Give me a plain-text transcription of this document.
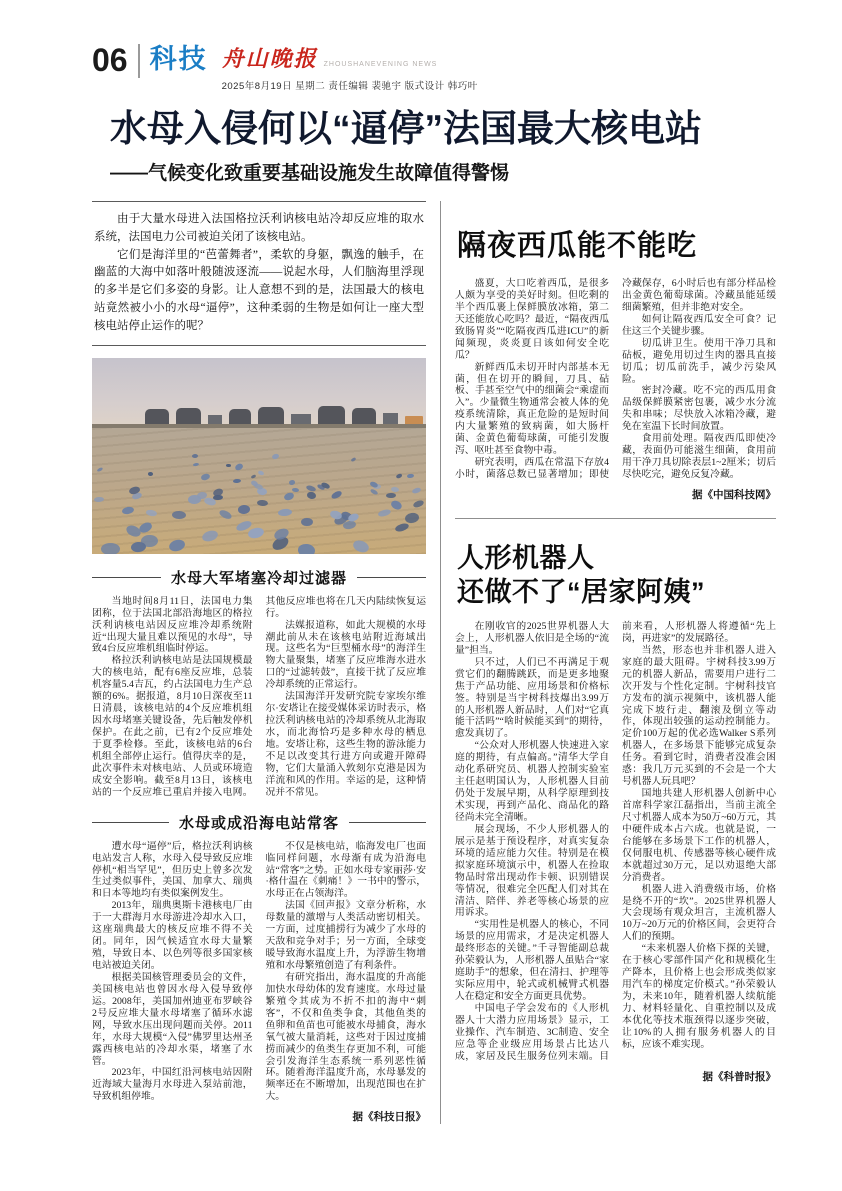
06 科技 舟山晚报 ZHOUSHANEVENING NEWS
2025年8月19日 星期二 责任编辑 裴驰宇 版式设计 韩巧叶
水母入侵何以“逼停”法国最大核电站
——气候变化致重要基础设施发生故障值得警惕

由于大量水母进入法国格拉沃利讷核电站冷却反应堆的取水系统，法国电力公司被迫关闭了该核电站。

它们是海洋里的“芭蕾舞者”，柔软的身躯，飘逸的触手，在幽蓝的大海中如落叶般随波逐流——说起水母，人们脑海里浮现的多半是它们多姿的身影。让人意想不到的是，法国最大的核电站竟然被小小的水母“逼停”，这种柔弱的生物是如何让一座大型核电站停止运作的呢？

水母大军堵塞冷却过滤器

当地时间8月11日，法国电力集团称，位于法国北部沿海地区的格拉沃利讷核电站因反应堆冷却系统附近“出现大量且难以预见的水母”，导致4台反应堆机组临时停运。

格拉沃利讷核电站是法国规模最大的核电站，配有6座反应堆，总装机容量5.4吉瓦，约占法国电力生产总额的6%。据报道，8月10日深夜至11日清晨，该核电站的4个反应堆机组因水母堵塞关键设备，先后触发停机保护。在此之前，已有2个反应堆处于夏季检修。至此，该核电站的6台机组全部停止运行。值得庆幸的是，此次事件未对核电站、人员或环境造成安全影响。截至8月13日，该核电站的一个反应堆已重启并接入电网。其他反应堆也将在几天内陆续恢复运行。

法媒报道称，如此大规模的水母潮此前从未在该核电站附近海域出现。这些名为“巨型桶水母”的海洋生物大量聚集，堵塞了反应堆海水进水口的“过滤转鼓”，直接干扰了反应堆冷却系统的正常运行。

法国海洋开发研究院专家埃尔维尔·安塔让在接受媒体采访时表示，格拉沃利讷核电站的冷却系统从北海取水，而北海恰巧是多种水母的栖息地。安塔让称，这些生物的游泳能力不足以改变其行进方向或避开障碍物，它们大量涌入敦刻尔克港是因为洋流和风的作用。幸运的是，这种情况并不常见。

水母或成沿海电站常客

遭水母“逼停”后，格拉沃利讷核电站发言人称，水母入侵导致反应堆停机“相当罕见”，但历史上曾多次发生过类似事件，美国、加拿大、瑞典和日本等地均有类似案例发生。

2013年，瑞典奥斯卡港核电厂由于一大群海月水母游进冷却水入口，这座瑞典最大的核反应堆不得不关闭。同年，因气候适宜水母大量繁殖，导致日本、以色列等很多国家核电站被迫关闭。

根据美国核管理委员会的文件，美国核电站也曾因水母入侵导致停运。2008年，美国加州迪亚布罗峡谷2号反应堆大量水母堵塞了循环水滤网，导致水压出现问题而关停。2011年，水母大规模“入侵”佛罗里达州圣露西核电站的冷却水渠，堵塞了水管。

2023年，中国红沿河核电站因附近海域大量海月水母进入泵站前池，导致机组停堆。

不仅是核电站，临海发电厂也面临同样问题，水母渐有成为沿海电站“常客”之势。正如水母专家丽莎·安·格什温在《刺痛！》一书中的警示，水母正在占领海洋。

法国《回声报》文章分析称，水母数量的激增与人类活动密切相关。一方面，过度捕捞行为减少了水母的天敌和竞争对手；另一方面，全球变暖导致海水温度上升，为浮游生物增殖和水母繁殖创造了有利条件。

有研究指出，海水温度的升高能加快水母幼体的发育速度。水母过量繁殖令其成为不折不扣的海中“刺客”，不仅和鱼类争食，其他鱼类的鱼卵和鱼苗也可能被水母捕食，海水氧气被大量消耗，这些对于因过度捕捞而减少的鱼类生存更加不利，可能会引发海洋生态系统一系列恶性循环。随着海洋温度升高，水母暴发的频率还在不断增加，出现范围也在扩大。

据《科技日报》
隔夜西瓜能不能吃

盛夏，大口吃着西瓜，是很多人颇为享受的美好时刻。但吃剩的半个西瓜裹上保鲜膜放冰箱，第二天还能放心吃吗？最近，“隔夜西瓜致肠胃炎”“吃隔夜西瓜进ICU”的新闻频现，炎炎夏日该如何安全吃瓜？

新鲜西瓜未切开时内部基本无菌，但在切开的瞬间，刀具、砧板、手甚至空气中的细菌会“乘虚而入”。少量微生物通常会被人体的免疫系统清除，真正危险的是短时间内大量繁殖的致病菌，如大肠杆菌、金黄色葡萄球菌，可能引发腹泻、呕吐甚至食物中毒。

研究表明，西瓜在常温下存放4小时，菌落总数已显著增加；即使冷藏保存，6小时后也有部分样品检出金黄色葡萄球菌。冷藏虽能延缓细菌繁殖，但并非绝对安全。

如何让隔夜西瓜安全可食？记住这三个关键步骤。

切瓜讲卫生。使用干净刀具和砧板，避免用切过生肉的器具直接切瓜；切瓜前洗手，减少污染风险。

密封冷藏。吃不完的西瓜用食品级保鲜膜紧密包裹，减少水分流失和串味；尽快放入冰箱冷藏，避免在室温下长时间放置。

食用前处理。隔夜西瓜即使冷藏，表面仍可能滋生细菌，食用前用干净刀具切除表层1~2厘米；切后尽快吃完，避免反复冷藏。

据《中国科技网》
人形机器人
还做不了“居家阿姨”

在刚收官的2025世界机器人大会上，人形机器人依旧是全场的“流量”担当。

只不过，人们已不再满足于观赏它们的翻腾跳跃，而是更多地聚焦于产品功能、应用场景和价格标签。特别是当宇树科技爆出3.99万的人形机器人新品时，人们对“它真能干活吗”“啥时候能买到”的期待，愈发真切了。

“公众对人形机器人快速进入家庭的期待，有点偏高。”清华大学自动化系研究员、机器人控制实验室主任赵明国认为，人形机器人目前仍处于发展早期，从科学原理到技术实现，再到产品化、商品化的路径尚未完全清晰。

展会现场，不少人形机器人的展示是基于预设程序，对真实复杂环境的适应能力欠佳。特别是在模拟家庭环境演示中，机器人在捡取物品时常出现动作卡顿、识别错误等情况，很难完全匹配人们对其在清洁、陪伴、养老等核心场景的应用诉求。

“实用性是机器人的核心，不同场景的应用需求，才是决定机器人最终形态的关键。”千寻智能副总裁孙荣毅认为，人形机器人虽贴合“家庭助手”的想象，但在清扫、护理等实际应用中，轮式或机械臂式机器人在稳定和安全方面更具优势。

中国电子学会发布的《人形机器人十大潜力应用场景》显示，工业操作、汽车制造、3C制造、安全应急等企业级应用场景占比达八成，家居及民生服务位列末端。目前来看，人形机器人将遵循“先上岗，再进家”的发展路径。

当然，形态也并非机器人进入家庭的最大阻碍。宇树科技3.99万元的机器人新品，需要用户进行二次开发与个性化定制。宇树科技官方发布的演示视频中，该机器人能完成下坡行走、翻滚及倒立等动作，体现出较强的运动控制能力。定价100万起的优必选Walker S系列机器人，在多场景下能够完成复杂任务。看到它时，消费者没准会困惑：我几万元买到的不会是一个大号机器人玩具吧？

国地共建人形机器人创新中心首席科学家江磊指出，当前主流全尺寸机器人成本为50万~60万元，其中硬件成本占六成。也就是说，一台能够在多场景下工作的机器人，仅伺服电机、传感器等核心硬件成本就超过30万元，足以劝退绝大部分消费者。

机器人进入消费级市场，价格是绕不开的“坎”。2025世界机器人大会现场有观众坦言，主流机器人10万~20万元的价格区间，会更符合人们的预期。

“未来机器人价格下探的关键，在于核心零部件国产化和规模化生产降本，且价格上也会形成类似家用汽车的梯度定价模式。”孙荣毅认为，未来10年，随着机器人续航能力、材料轻量化、自重控制以及成本优化等技术瓶颈得以逐步突破，让10%的人拥有服务机器人的目标，应该不难实现。

据《科普时报》
